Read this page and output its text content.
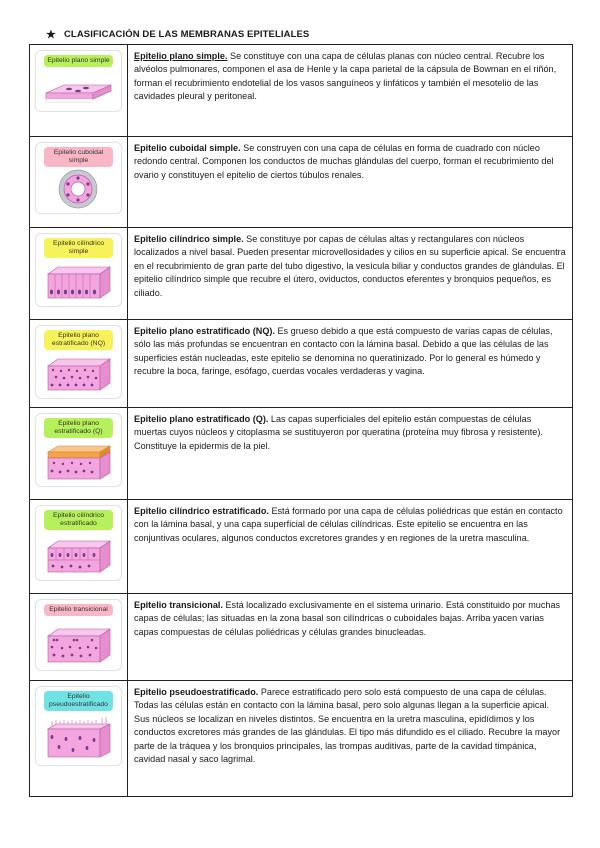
★ CLASIFICACIÓN DE LAS MEMBRANAS EPITELIALES
Epitelio plano simple	Epitelio plano simple. Se constituye con una capa de células planas con núcleo central. Recubre los alvéolos pulmonares, componen el asa de Henle y la capa parietal de la cápsula de Bowman en el riñón, forman el recubrimiento endotelial de los vasos sanguíneos y linfáticos y también el mesotelio de las cavidades pleural y peritoneal.

Epitelio cuboidal simple	Epitelio cuboidal simple. Se construyen con una capa de células en forma de cuadrado con núcleo redondo central. Componen los conductos de muchas glándulas del cuerpo, forman el recubrimiento del ovario y constituyen el epitelio de ciertos túbulos renales.

Epitelio cilíndrico simple	Epitelio cilíndrico simple. Se constituye por capas de células altas y rectangulares con núcleos localizados a nivel basal. Pueden presentar microvellosidades y cilios en su superficie apical. Se encuentra en el recubrimiento de gran parte del tubo digestivo, la vesícula biliar y conductos grandes de glándulas. El epitelio cilíndrico simple que recubre el útero, oviductos, conductos eferentes y bronquios pequeños, es ciliado.

Epitelio plano estratificado (NQ)	Epitelio plano estratificado (NQ). Es grueso debido a que está compuesto de varias capas de células, sólo las más profundas se encuentran en contacto con la lámina basal. Debido a que las células de las superficies están nucleadas, este epitelio se denomina no queratinizado. Por lo general es húmedo y recubre la boca, faringe, esófago, cuerdas vocales verdaderas y vagina.

Epitelio plano estratificado (Q)	Epitelio plano estratificado (Q). Las capas superficiales del epitelio están compuestas de células muertas cuyos núcleos y citoplasma se sustituyeron por queratina (proteína muy fibrosa y resistente). Constituye la epidermis de la piel.

Epitelio cilíndrico estratificado	Epitelio cilíndrico estratificado. Está formado por una capa de células poliédricas que están en contacto con la lámina basal, y una capa superficial de células cilíndricas. Este epitelio se encuentra en las conjuntivas oculares, algunos conductos excretores grandes y en regiones de la uretra masculina.

Epitelio transicional	Epitelio transicional. Está localizado exclusivamente en el sistema urinario. Está constituido por muchas capas de células; las situadas en la zona basal son cilíndricas o cuboidales bajas. Arriba yacen varias capas compuestas de células poliédricas y células grandes binucleadas.

Epitelio pseudoestratificado	Epitelio pseudoestratificado. Parece estratificado pero solo está compuesto de una capa de células. Todas las células están en contacto con la lámina basal, pero solo algunas llegan a la superficie apical. Sus núcleos se localizan en niveles distintos. Se encuentra en la uretra masculina, epidídimos y los conductos excretores más grandes de las glándulas. El tipo más difundido es el ciliado. Recubre la mayor parte de la tráquea y los bronquios principales, las trompas auditivas, parte de la cavidad timpánica, cavidad nasal y saco lagrimal.
